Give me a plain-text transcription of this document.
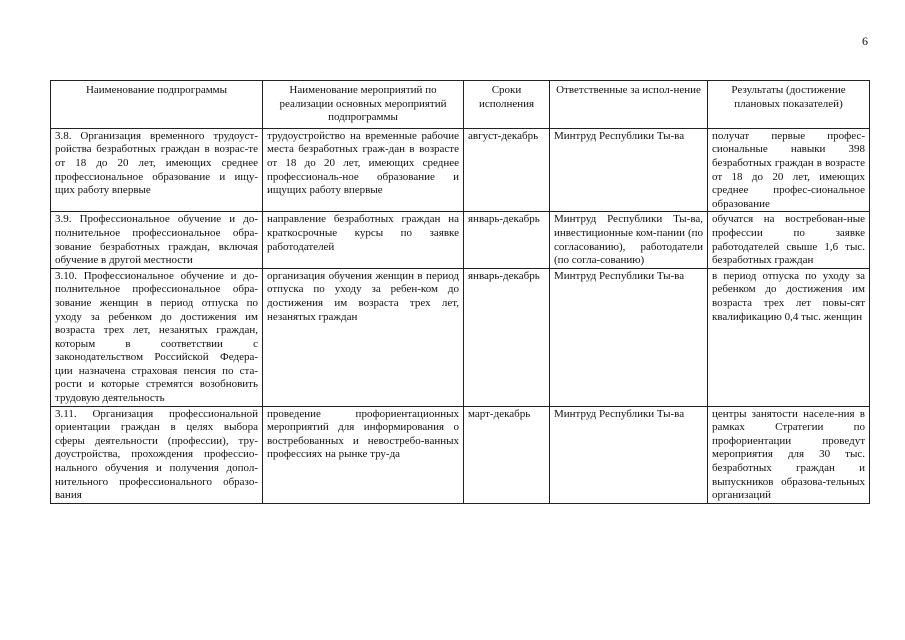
6
Наименование подпрограммы	Наименование мероприятий по реализации основных мероприятий подпрограммы	Сроки исполнения	Ответственные за испол-нение	Результаты (достижение плановых показателей)
3.8. Организация временного трудоуст-ройства безработных граждан в возрас-те от 18 до 20 лет, имеющих среднее профессиональное образование и ищу-щих работу впервые	трудоустройство на временные рабочие места безработных граж-дан в возрасте от 18 до 20 лет, имеющих среднее профессиональ-ное образование и ищущих работу впервые	август-декабрь	Минтруд Республики Ты-ва	получат первые профес-сиональные навыки 398 безработных граждан в возрасте от 18 до 20 лет, имеющих среднее профес-сиональное образование
3.9. Профессиональное обучение и до-полнительное профессиональное обра-зование безработных граждан, включая обучение в другой местности	направление безработных граждан на краткосрочные курсы по заявке работодателей	январь-декабрь	Минтруд Республики Ты-ва, инвестиционные ком-пании (по согласованию), работодатели (по согла-сованию)	обучатся на востребован-ные профессии по заявке работодателей свыше 1,6 тыс. безработных граждан
3.10. Профессиональное обучение и до-полнительное профессиональное обра-зование женщин в период отпуска по уходу за ребенком до достижения им возраста трех лет, незанятых граждан, которым в соответствии с законодательством Российской Федера-ции назначена страховая пенсия по ста-рости и которые стремятся возобновить трудовую деятельность	организация обучения женщин в период отпуска по уходу за ребен-ком до достижения им возраста трех лет, незанятых граждан	январь-декабрь	Минтруд Республики Ты-ва	в период отпуска по уходу за ребенком до достижения им возраста трех лет повы-сят квалификацию 0,4 тыс. женщин
3.11. Организация профессиональной ориентации граждан в целях выбора сферы деятельности (профессии), тру-доустройства, прохождения профессио-нального обучения и получения допол-нительного профессионального образо-вания	проведение профориентационных мероприятий для информирования о востребованных и невостребо-ванных профессиях на рынке тру-да	март-декабрь	Минтруд Республики Ты-ва	центры занятости населе-ния в рамках Стратегии по профориентации проведут мероприятия для 30 тыс. безработных граждан и выпускников образова-тельных организаций
